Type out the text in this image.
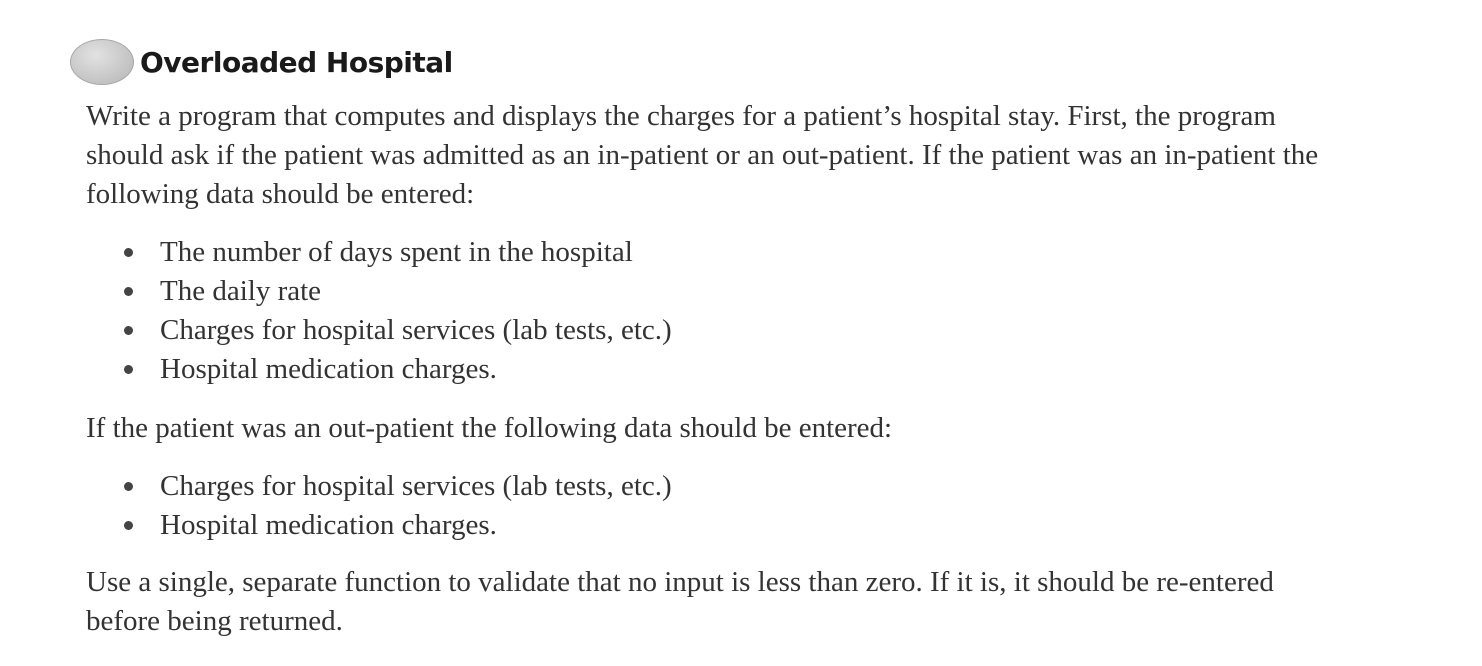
Overloaded Hospital

Write a program that computes and displays the charges for a patient’s hospital stay. First, the program should ask if the patient was admitted as an in-patient or an out-patient. If the patient was an in-patient the following data should be entered:

The number of days spent in the hospital
The daily rate
Charges for hospital services (lab tests, etc.)
Hospital medication charges.

If the patient was an out-patient the following data should be entered:

Charges for hospital services (lab tests, etc.)
Hospital medication charges.

Use a single, separate function to validate that no input is less than zero. If it is, it should be re-entered before being returned.
